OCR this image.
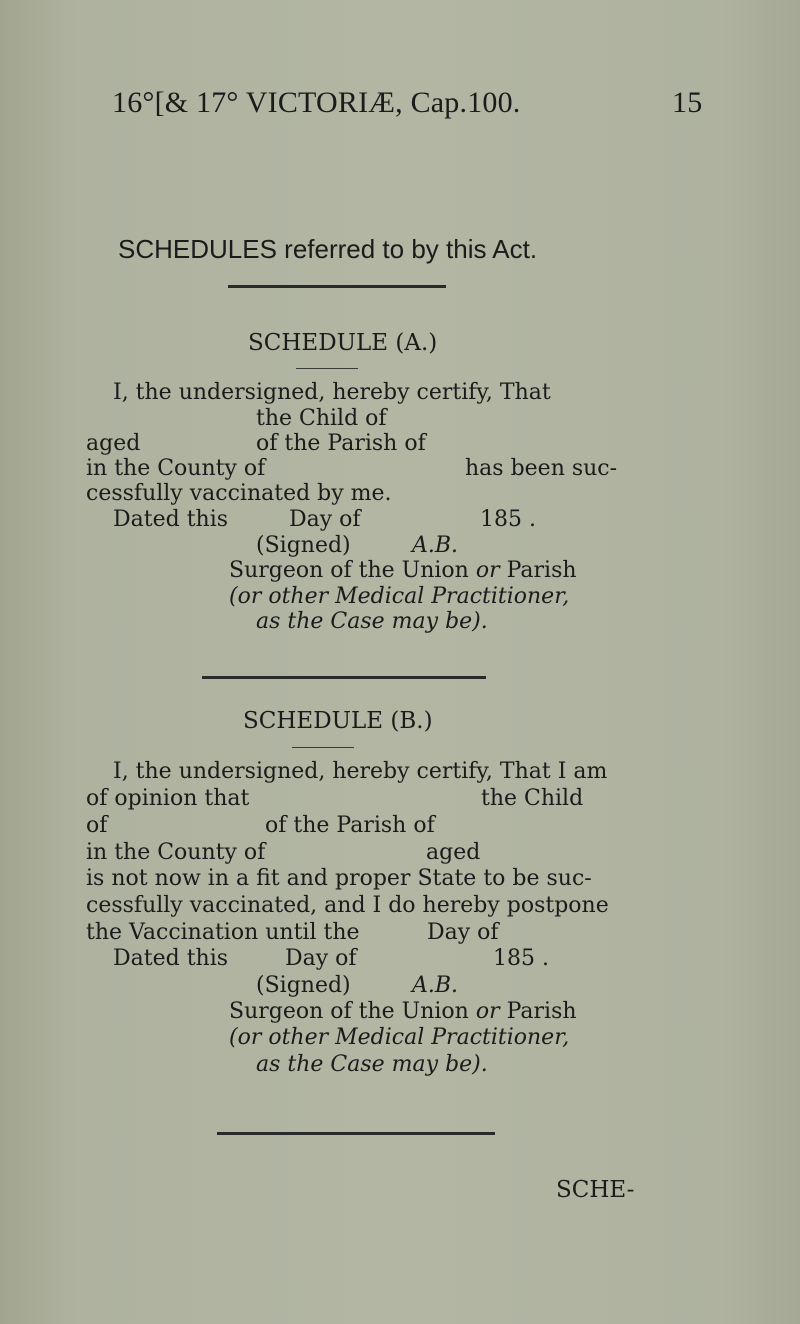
16°[& 17° VICTORIÆ, Cap.100.	15
SCHEDULES referred to by this Act.
SCHEDULE (A.)
I, the undersigned, hereby certify, That
the Child of
aged	of the Parish of
in the County of	has been suc-
cessfully vaccinated by me.
Dated this	Day of	185 .
(Signed)	A.B.
Surgeon of the Union or Parish
(or other Medical Practitioner,
as the Case may be).
SCHEDULE (B.)
I, the undersigned, hereby certify, That I am
of opinion that	the Child
of	of the Parish of
in the County of	aged
is not now in a fit and proper State to be suc-
cessfully vaccinated, and I do hereby postpone
the Vaccination until the	Day of
Dated this	Day of	185 .
(Signed)	A.B.
Surgeon of the Union or Parish
(or other Medical Practitioner,
as the Case may be).
SCHE-
